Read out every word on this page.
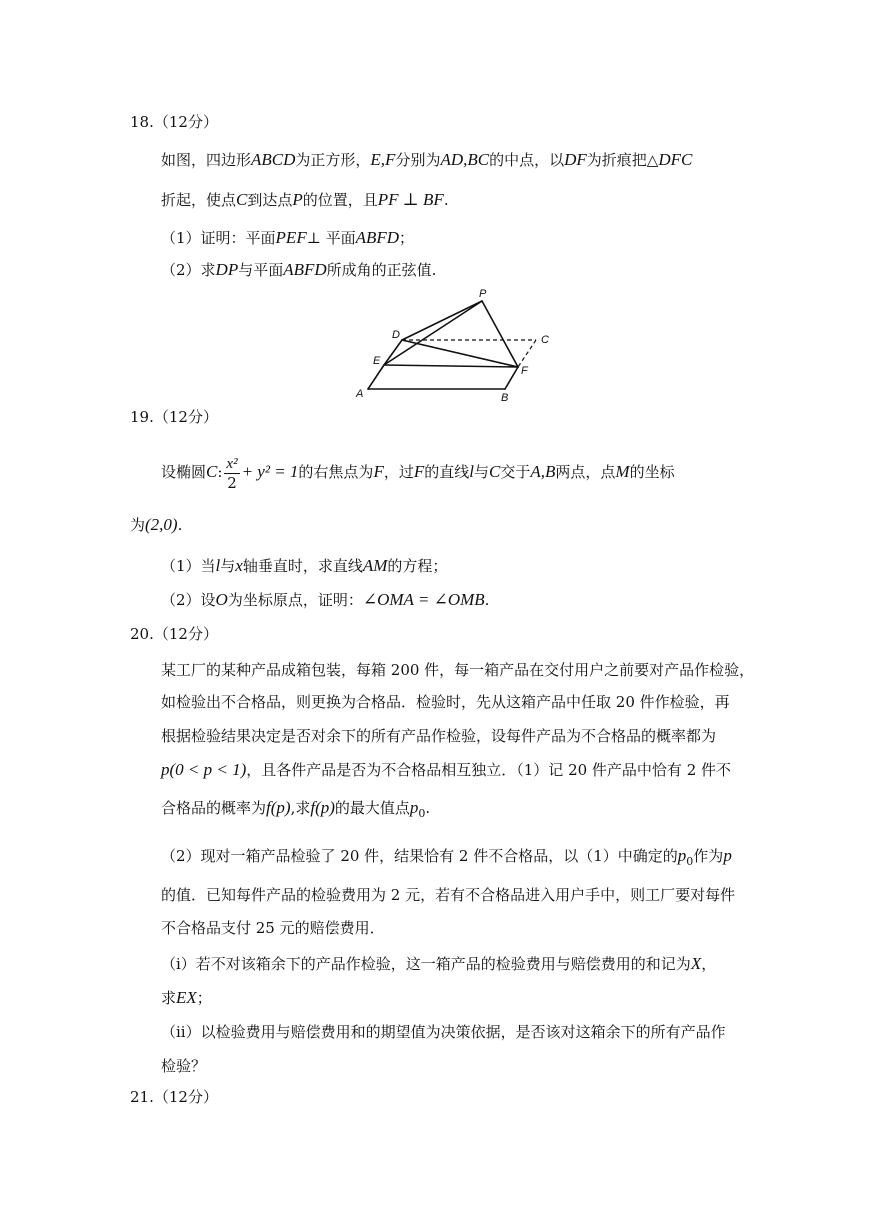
18.（12分）
如图，四边形ABCD为正方形，E,F分别为AD,BC的中点，以DF为折痕把△DFC
折起，使点C到达点P的位置，且PF ⊥ BF.
（1）证明：平面PEF⊥ 平面ABFD；
（2）求DP与平面ABFD所成角的正弦值.
P
D	C
E
F
A	B
19.（12分）
设椭圆C: $\frac{\text{x²}}{2} + y^2 = 1$的右焦点为F，过F的直线l与C交于A,B两点，点M的坐标
为(2,0).
（1）当l与x轴垂直时，求直线AM的方程；
（2）设O为坐标原点，证明：∠OMA = ∠OMB.
20.（12分）
某工厂的某种产品成箱包装，每箱 200 件，每一箱产品在交付用户之前要对产品作检验，
如检验出不合格品，则更换为合格品．检验时，先从这箱产品中任取 20 件作检验，再
根据检验结果决定是否对余下的所有产品作检验，设每件产品为不合格品的概率都为
p(0 < p < 1)，且各件产品是否为不合格品相互独立．（1）记 20 件产品中恰有 2 件不
合格品的概率为f(p),求f(p)的最大值点$p_0$.
（2）现对一箱产品检验了 20 件，结果恰有 2 件不合格品，以（1）中确定的$p_0$作为p
的值．已知每件产品的检验费用为 2 元，若有不合格品进入用户手中，则工厂要对每件
不合格品支付 25 元的赔偿费用．
（i）若不对该箱余下的产品作检验，这一箱产品的检验费用与赔偿费用的和记为X，
求EX；
（ii）以检验费用与赔偿费用和的期望值为决策依据，是否该对这箱余下的所有产品作
检验？
21.（12分）
